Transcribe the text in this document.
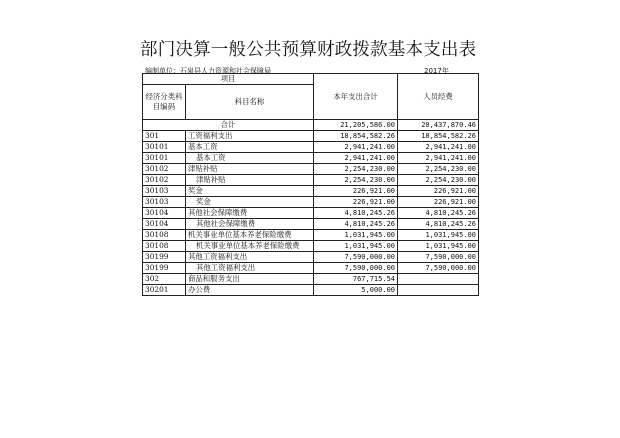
部门决算一般公共预算财政拨款基本支出表
编制单位：石泉县人力资源和社会保障局	2017年
项目		本年支出合计	人员经费
经济分类科目编码	科目名称		
合计		21,205,586.00	20,437,870.46
301	工资福利支出	18,854,582.26	18,854,582.26
30101	基本工资	2,941,241.00	2,941,241.00
30101	基本工资	2,941,241.00	2,941,241.00
30102	津贴补贴	2,254,230.00	2,254,230.00
30102	津贴补贴	2,254,230.00	2,254,230.00
30103	奖金	226,921.00	226,921.00
30103	奖金	226,921.00	226,921.00
30104	其他社会保障缴费	4,810,245.26	4,810,245.26
30104	其他社会保障缴费	4,810,245.26	4,810,245.26
30108	机关事业单位基本养老保险缴费	1,031,945.00	1,031,945.00
30108	机关事业单位基本养老保险缴费	1,031,945.00	1,031,945.00
30199	其他工资福利支出	7,590,000.00	7,590,000.00
30199	其他工资福利支出	7,590,000.00	7,590,000.00
302	商品和服务支出	767,715.54	
30201	办公费	5,000.00	
